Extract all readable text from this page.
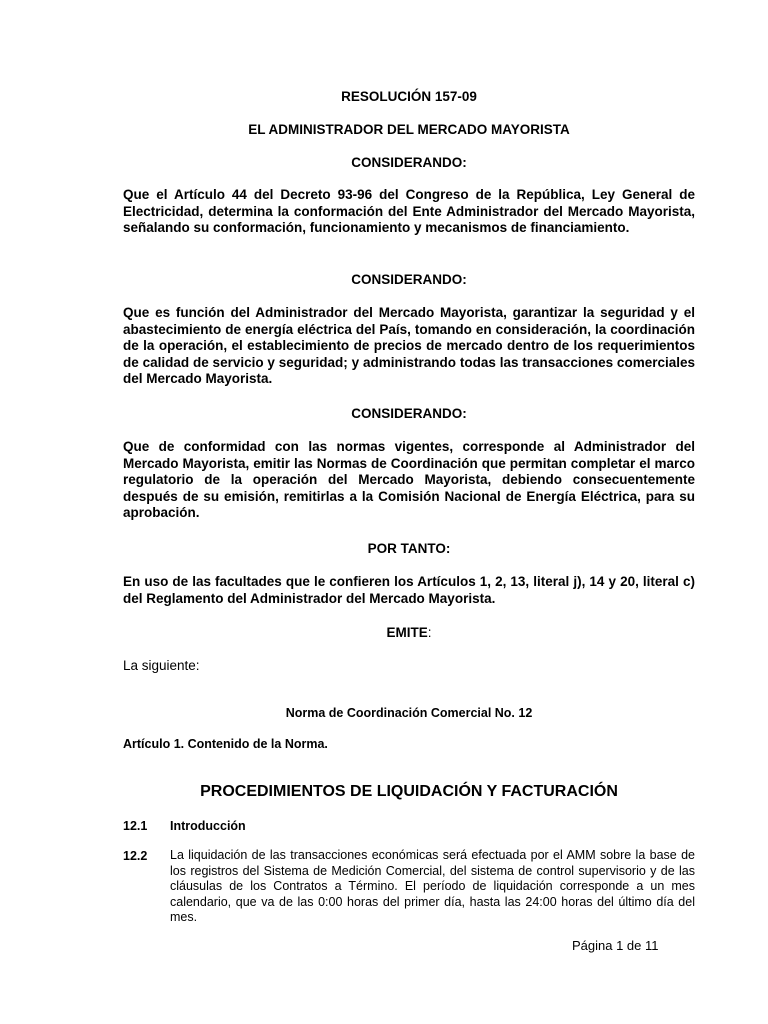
RESOLUCIÓN 157-09
EL ADMINISTRADOR DEL MERCADO MAYORISTA
CONSIDERANDO:

Que el Artículo 44 del Decreto 93-96 del Congreso de la República, Ley General de Electricidad, determina la conformación del Ente Administrador del Mercado Mayorista, señalando su conformación, funcionamiento y mecanismos de financiamiento.

CONSIDERANDO:

Que es función del Administrador del Mercado Mayorista, garantizar la seguridad y el abastecimiento de energía eléctrica del País, tomando en consideración, la coordinación de la operación, el establecimiento de precios de mercado dentro de los requerimientos de calidad de servicio y seguridad; y administrando todas las transacciones comerciales del Mercado Mayorista.

CONSIDERANDO:

Que de conformidad con las normas vigentes, corresponde al Administrador del Mercado Mayorista, emitir las Normas de Coordinación que permitan completar el marco regulatorio de la operación del Mercado Mayorista, debiendo consecuentemente después de su emisión, remitirlas a la Comisión Nacional de Energía Eléctrica, para su aprobación.

POR TANTO:

En uso de las facultades que le confieren los Artículos 1, 2, 13, literal j), 14 y 20, literal c) del Reglamento del Administrador del Mercado Mayorista.

EMITE:
La siguiente:
Norma de Coordinación Comercial No. 12
Artículo 1. Contenido de la Norma.
PROCEDIMIENTOS DE LIQUIDACIÓN Y FACTURACIÓN
12.1 Introducción
12.2 La liquidación de las transacciones económicas será efectuada por el AMM sobre la base de los registros del Sistema de Medición Comercial, del sistema de control supervisorio y de las cláusulas de los Contratos a Término. El período de liquidación corresponde a un mes calendario, que va de las 0:00 horas del primer día, hasta las 24:00 horas del último día del mes.

Página 1 de 11
